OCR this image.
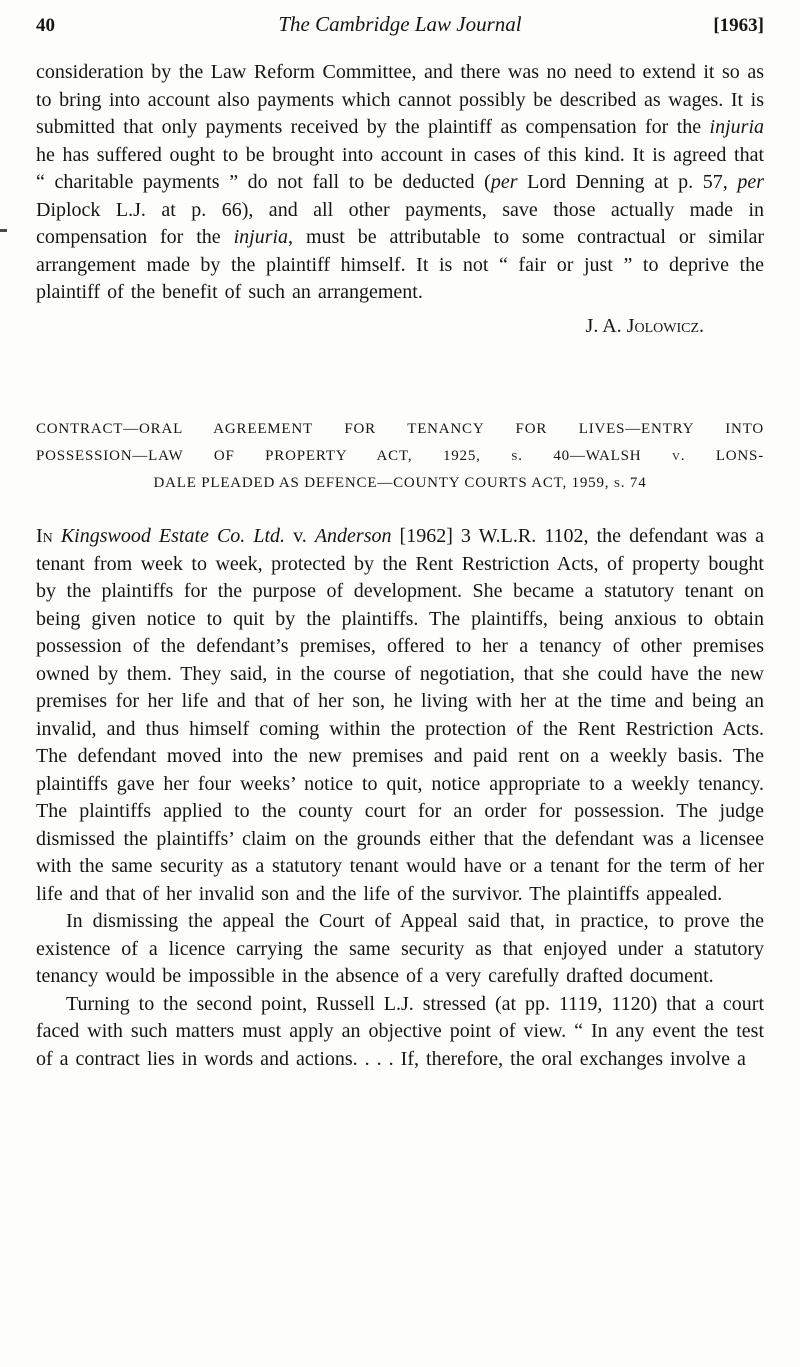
40	The Cambridge Law Journal	[1963]

consideration by the Law Reform Committee, and there was no need to extend it so as to bring into account also payments which cannot possibly be described as wages. It is submitted that only payments received by the plaintiff as compensation for the injuria he has suffered ought to be brought into account in cases of this kind. It is agreed that “ charitable payments ” do not fall to be deducted (per Lord Denning at p. 57, per Diplock L.J. at p. 66), and all other payments, save those actually made in compensation for the injuria, must be attributable to some contractual or similar arrangement made by the plaintiff himself. It is not “ fair or just ” to deprive the plaintiff of the benefit of such an arrangement.

J. A. Jolowicz.

CONTRACT—ORAL AGREEMENT FOR TENANCY FOR LIVES—ENTRY INTO
POSSESSION—LAW OF PROPERTY ACT, 1925, s. 40—WALSH v. LONS-
DALE PLEADED AS DEFENCE—COUNTY COURTS ACT, 1959, s. 74

In Kingswood Estate Co. Ltd. v. Anderson [1962] 3 W.L.R. 1102, the defendant was a tenant from week to week, protected by the Rent Restriction Acts, of property bought by the plaintiffs for the purpose of development. She became a statutory tenant on being given notice to quit by the plaintiffs. The plaintiffs, being anxious to obtain possession of the defendant’s premises, offered to her a tenancy of other premises owned by them. They said, in the course of negotiation, that she could have the new premises for her life and that of her son, he living with her at the time and being an invalid, and thus himself coming within the protection of the Rent Restriction Acts. The defendant moved into the new premises and paid rent on a weekly basis. The plaintiffs gave her four weeks’ notice to quit, notice appropriate to a weekly tenancy. The plaintiffs applied to the county court for an order for possession. The judge dismissed the plaintiffs’ claim on the grounds either that the defendant was a licensee with the same security as a statutory tenant would have or a tenant for the term of her life and that of her invalid son and the life of the survivor. The plaintiffs appealed.

In dismissing the appeal the Court of Appeal said that, in practice, to prove the existence of a licence carrying the same security as that enjoyed under a statutory tenancy would be impossible in the absence of a very carefully drafted document.

Turning to the second point, Russell L.J. stressed (at pp. 1119, 1120) that a court faced with such matters must apply an objective point of view. “ In any event the test of a contract lies in words and actions. . . . If, therefore, the oral exchanges involve a
